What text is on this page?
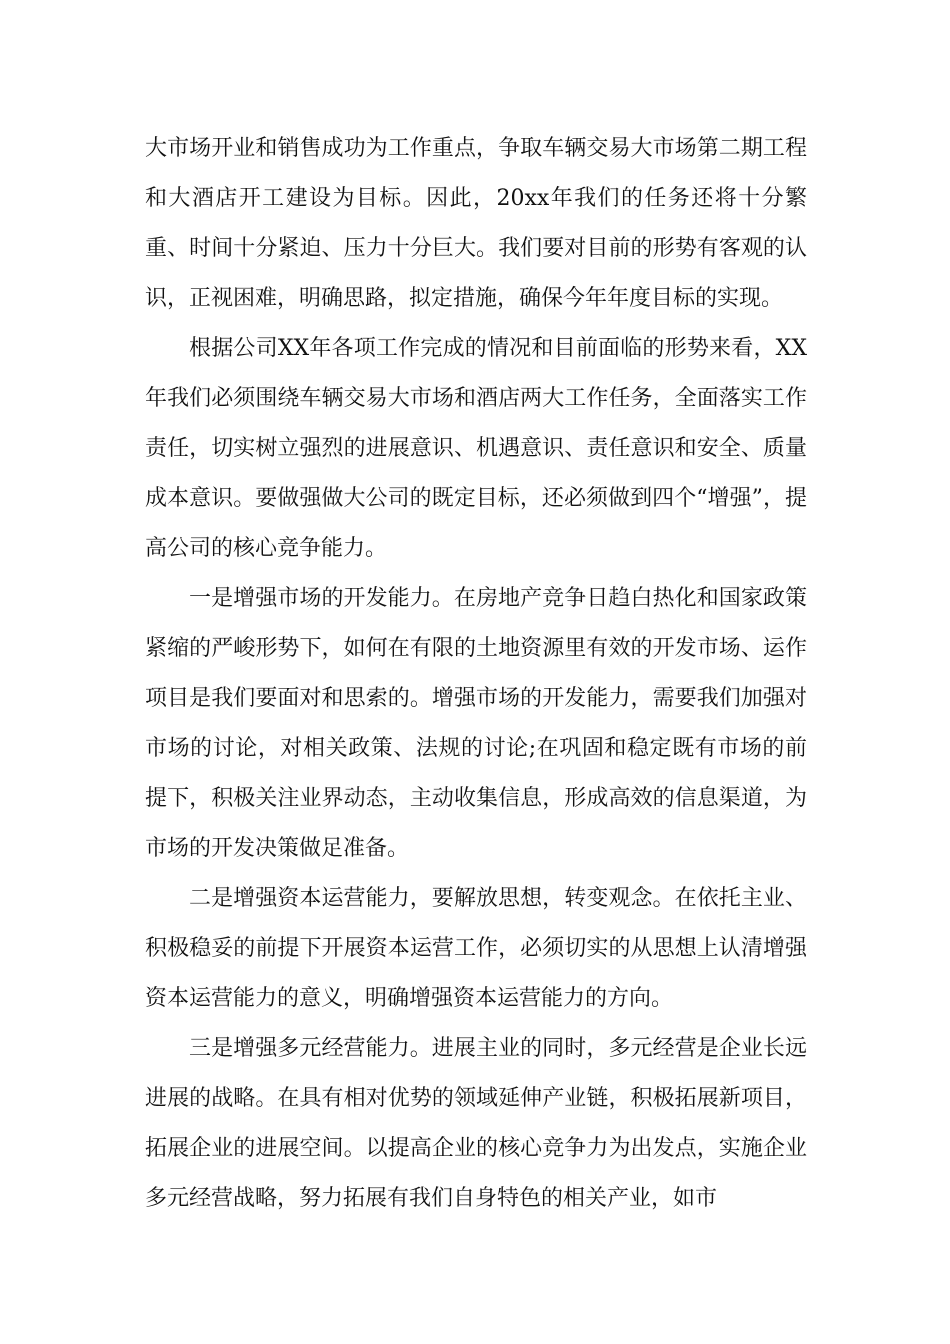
大市场开业和销售成功为工作重点，争取车辆交易大市场第二期工程和大酒店开工建设为目标。因此，20xx年我们的任务还将十分繁重、时间十分紧迫、压力十分巨大。我们要对目前的形势有客观的认识，正视困难，明确思路，拟定措施，确保今年年度目标的实现。

根据公司XX年各项工作完成的情况和目前面临的形势来看，XX年我们必须围绕车辆交易大市场和酒店两大工作任务，全面落实工作责任，切实树立强烈的进展意识、机遇意识、责任意识和安全、质量成本意识。要做强做大公司的既定目标，还必须做到四个“增强”，提高公司的核心竞争能力。

一是增强市场的开发能力。在房地产竞争日趋白热化和国家政策紧缩的严峻形势下，如何在有限的土地资源里有效的开发市场、运作项目是我们要面对和思索的。增强市场的开发能力，需要我们加强对市场的讨论，对相关政策、法规的讨论;在巩固和稳定既有市场的前提下，积极关注业界动态，主动收集信息，形成高效的信息渠道，为市场的开发决策做足准备。

二是增强资本运营能力，要解放思想，转变观念。在依托主业、积极稳妥的前提下开展资本运营工作，必须切实的从思想上认清增强资本运营能力的意义，明确增强资本运营能力的方向。

三是增强多元经营能力。进展主业的同时，多元经营是企业长远进展的战略。在具有相对优势的领域延伸产业链，积极拓展新项目，拓展企业的进展空间。以提高企业的核心竞争力为出发点，实施企业多元经营战略，努力拓展有我们自身特色的相关产业，如市
